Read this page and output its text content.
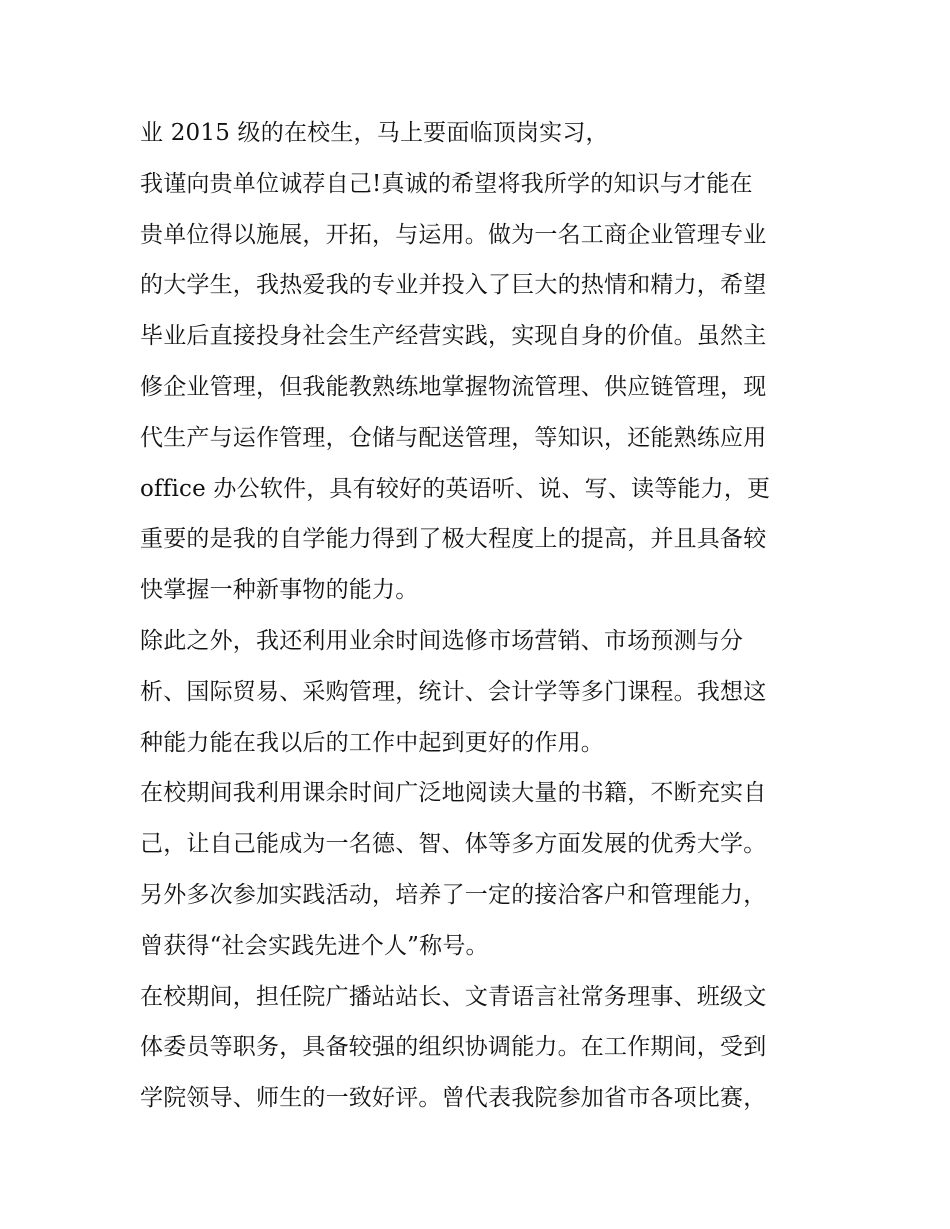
业 2015 级的在校生，马上要面临顶岗实习，
我谨向贵单位诚荐自己!真诚的希望将我所学的知识与才能在
贵单位得以施展，开拓，与运用。做为一名工商企业管理专业
的大学生，我热爱我的专业并投入了巨大的热情和精力，希望
毕业后直接投身社会生产经营实践，实现自身的价值。虽然主
修企业管理，但我能教熟练地掌握物流管理、供应链管理，现
代生产与运作管理，仓储与配送管理，等知识，还能熟练应用
office 办公软件，具有较好的英语听、说、写、读等能力，更
重要的是我的自学能力得到了极大程度上的提高，并且具备较
快掌握一种新事物的能力。
除此之外，我还利用业余时间选修市场营销、市场预测与分
析、国际贸易、采购管理，统计、会计学等多门课程。我想这
种能力能在我以后的工作中起到更好的作用。
在校期间我利用课余时间广泛地阅读大量的书籍，不断充实自
己，让自己能成为一名德、智、体等多方面发展的优秀大学。
另外多次参加实践活动，培养了一定的接洽客户和管理能力，
曾获得“社会实践先进个人”称号。
在校期间，担任院广播站站长、文青语言社常务理事、班级文
体委员等职务，具备较强的组织协调能力。在工作期间，受到
学院领导、师生的一致好评。曾代表我院参加省市各项比赛，
